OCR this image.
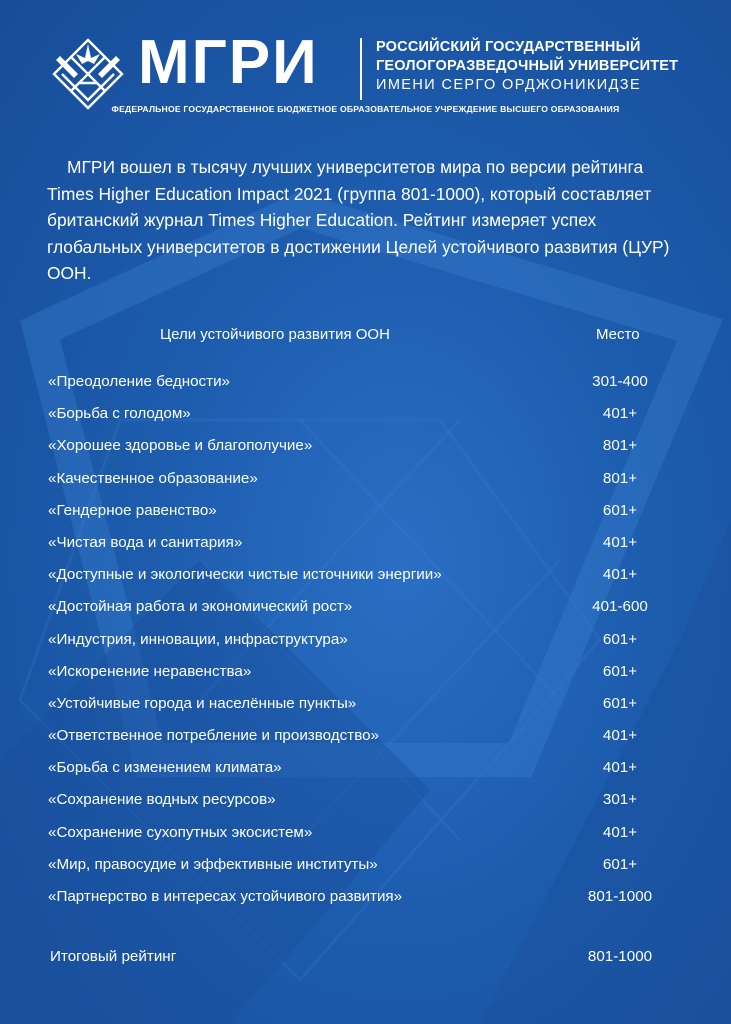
МГРИ	РОССИЙСКИЙ ГОСУДАРСТВЕННЫЙ
ГЕОЛОГОРАЗВЕДОЧНЫЙ УНИВЕРСИТЕТ
ИМЕНИ СЕРГО ОРДЖОНИКИДЗЕ
ФЕДЕРАЛЬНОЕ ГОСУДАРСТВЕННОЕ БЮДЖЕТНОЕ ОБРАЗОВАТЕЛЬНОЕ УЧРЕЖДЕНИЕ ВЫСШЕГО ОБРАЗОВАНИЯ
МГРИ вошел в тысячу лучших университетов мира по версии рейтинга Times Higher Education Impact 2021 (группа 801-1000), который составляет британский журнал Times Higher Education. Рейтинг измеряет успех глобальных университетов в достижении Целей устойчивого развития (ЦУР) ООН.
Цели устойчивого развития ООН	Место
«Преодоление бедности»	301-400
«Борьба с голодом»	401+
«Хорошее здоровье и благополучие»	801+
«Качественное образование»	801+
«Гендерное равенство»	601+
«Чистая вода и санитария»	401+
«Доступные и экологически чистые источники энергии»	401+
«Достойная работа и экономический рост»	401-600
«Индустрия, инновации, инфраструктура»	601+
«Искоренение неравенства»	601+
«Устойчивые города и населённые пункты»	601+
«Ответственное потребление и производство»	401+
«Борьба с изменением климата»	401+
«Сохранение водных ресурсов»	301+
«Сохранение сухопутных экосистем»	401+
«Мир, правосудие и эффективные институты»	601+
«Партнерство в интересах устойчивого развития»	801-1000
Итоговый рейтинг	801-1000
